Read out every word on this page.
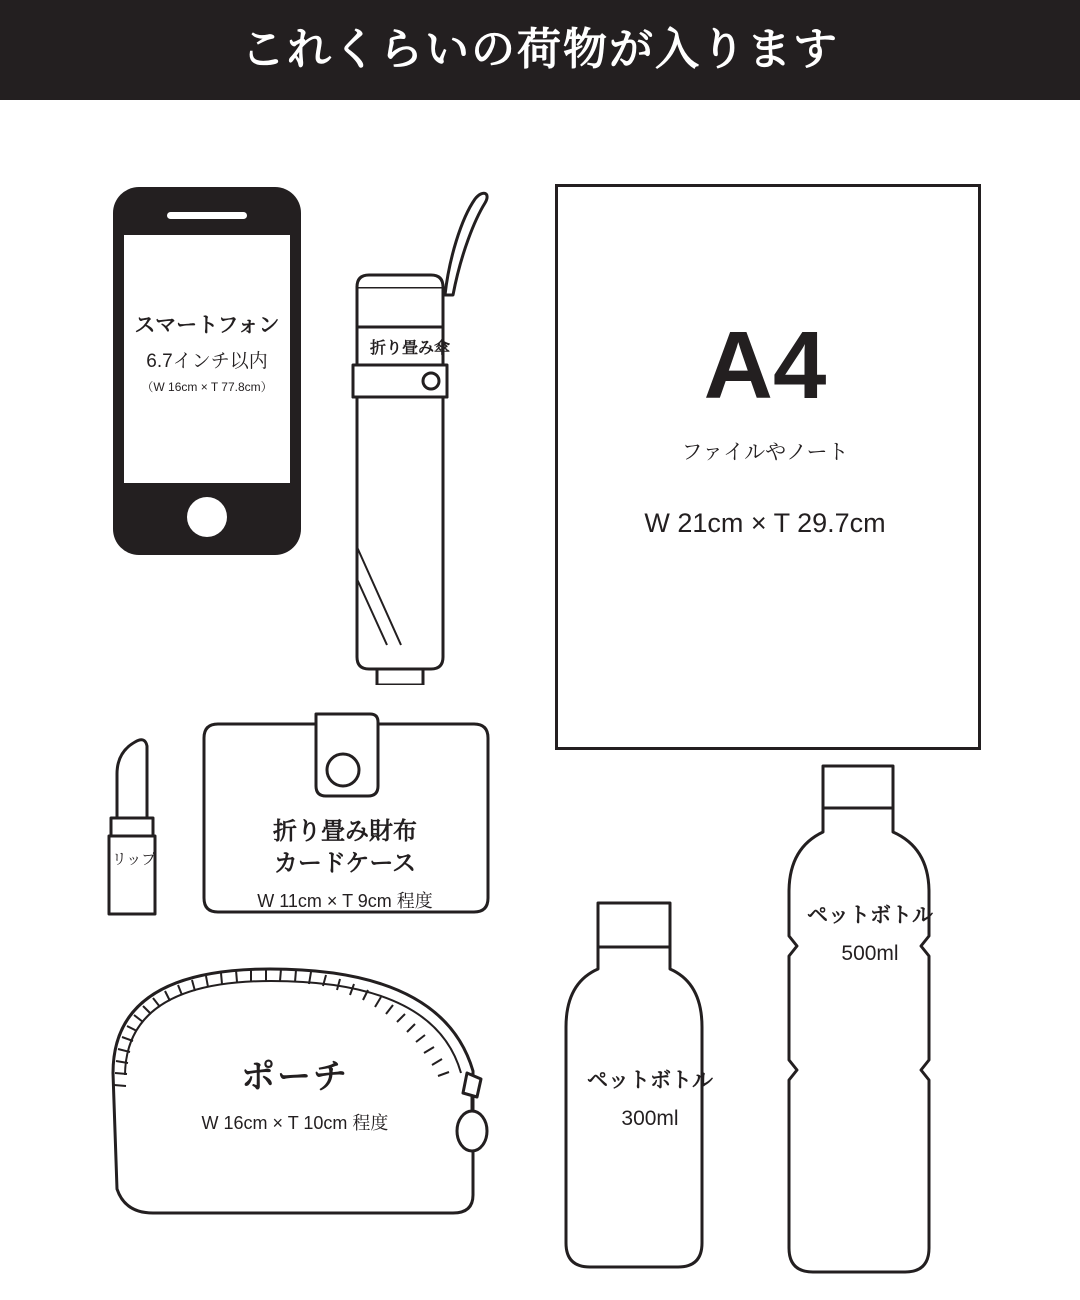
これくらいの荷物が入ります
スマートフォン
6.7インチ以内
（W 16cm × T 77.8cm）
折り畳み傘	A4
ファイルやノート
W 21cm × T 29.7cm
リップ
折り畳み財布
カードケース
W 11cm × T 9cm 程度
ポーチ
W 16cm × T 10cm 程度
ペットボトル
300ml
ペットボトル
500ml
